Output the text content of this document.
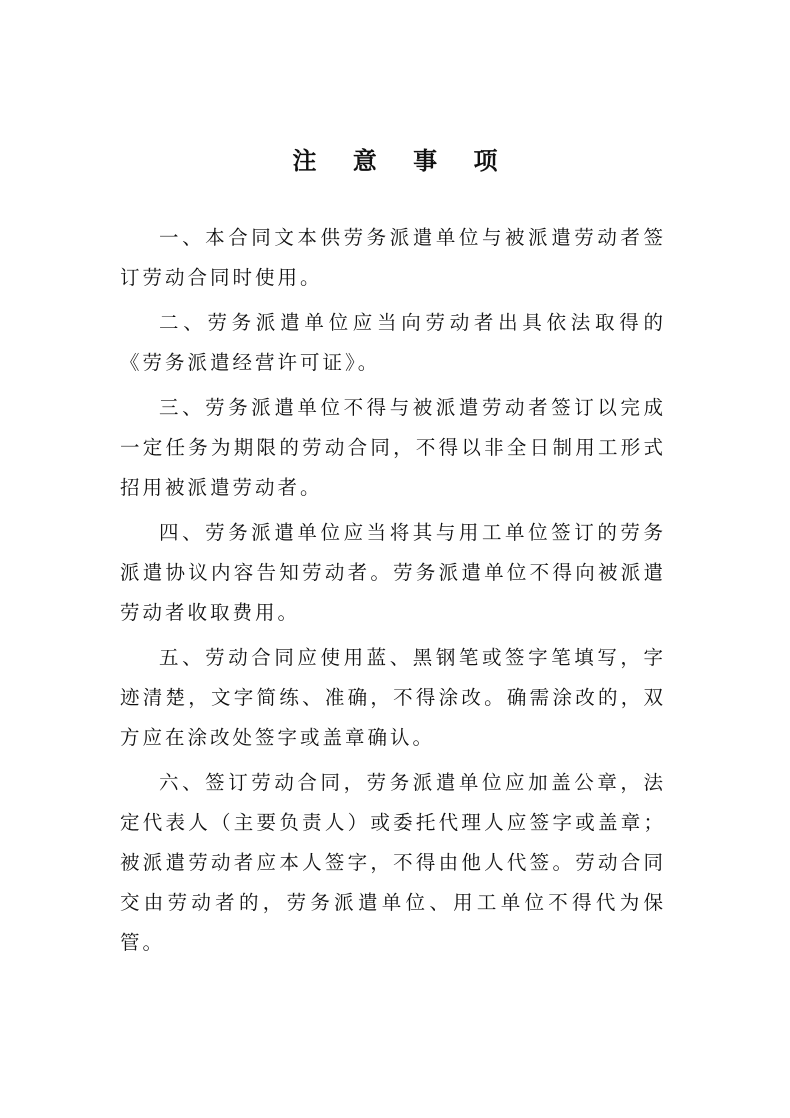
注 意 事 项

一、本合同文本供劳务派遣单位与被派遣劳动者签订劳动合同时使用。

二、劳务派遣单位应当向劳动者出具依法取得的《劳务派遣经营许可证》。

三、劳务派遣单位不得与被派遣劳动者签订以完成一定任务为期限的劳动合同，不得以非全日制用工形式招用被派遣劳动者。

四、劳务派遣单位应当将其与用工单位签订的劳务派遣协议内容告知劳动者。劳务派遣单位不得向被派遣劳动者收取费用。

五、劳动合同应使用蓝、黑钢笔或签字笔填写，字迹清楚，文字简练、准确，不得涂改。确需涂改的，双方应在涂改处签字或盖章确认。

六、签订劳动合同，劳务派遣单位应加盖公章，法定代表人（主要负责人）或委托代理人应签字或盖章；被派遣劳动者应本人签字，不得由他人代签。劳动合同交由劳动者的，劳务派遣单位、用工单位不得代为保管。
